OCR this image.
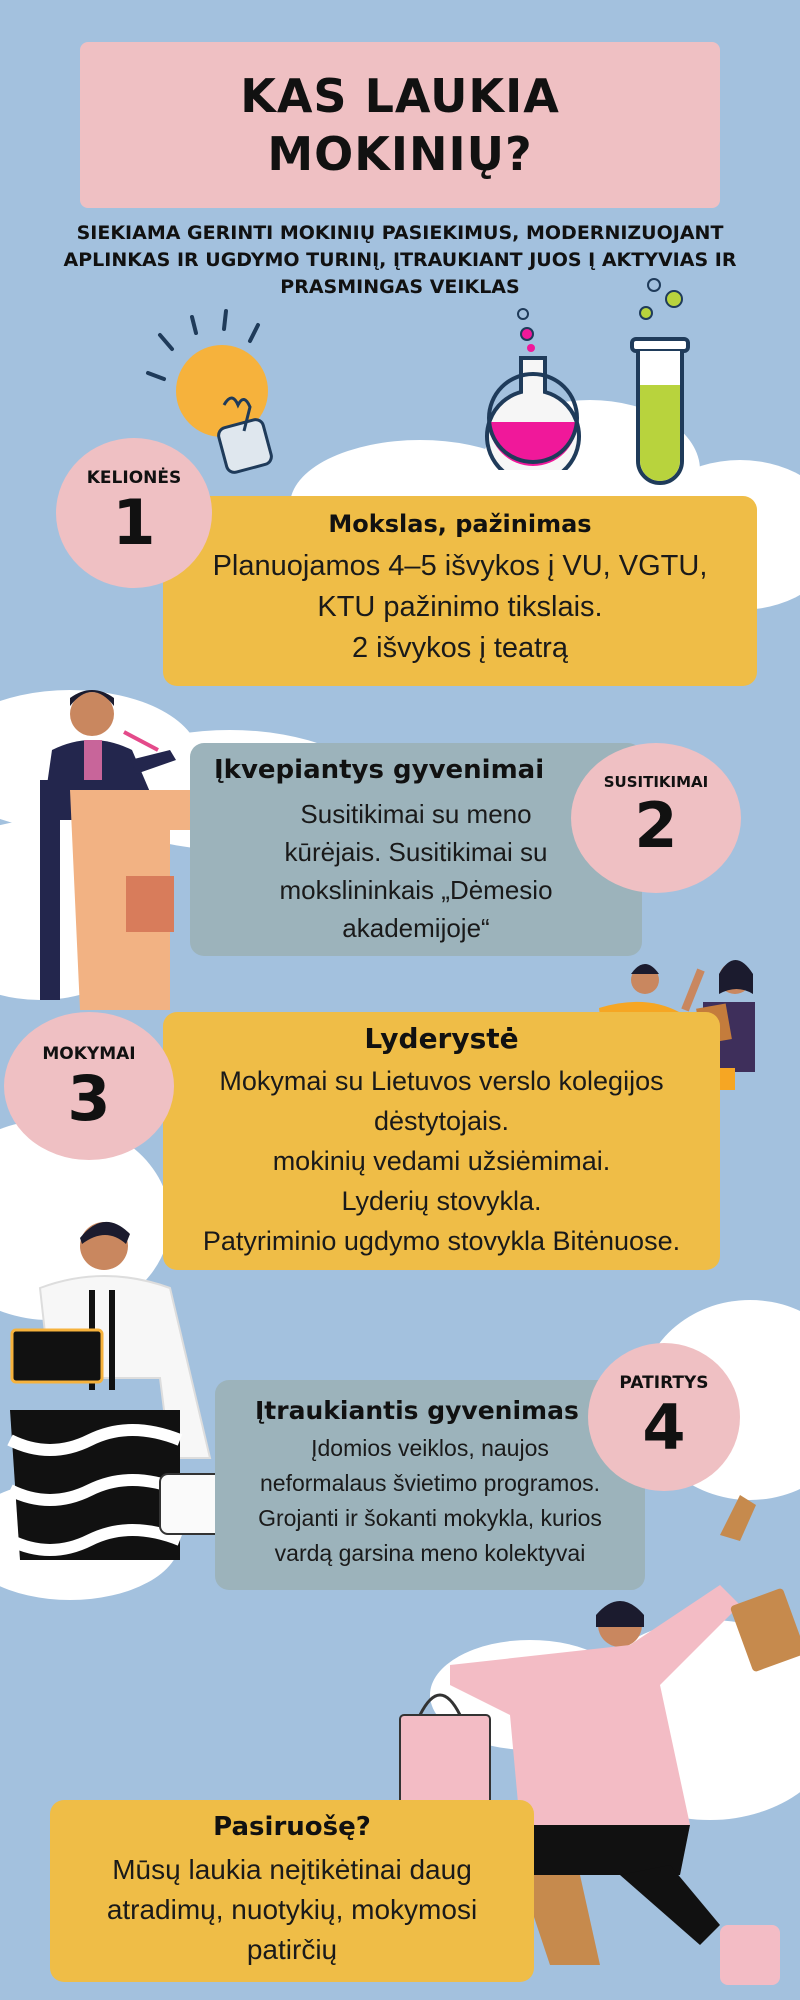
KAS LAUKIA
MOKINIŲ?
SIEKIAMA GERINTI MOKINIŲ PASIEKIMUS, MODERNIZUOJANT APLINKAS IR UGDYMO TURINĮ, ĮTRAUKIANT JUOS Į AKTYVIAS IR PRASMINGAS VEIKLAS
Mokslas, pažinimas
Planuojamos 4–5 išvykos į VU, VGTU,
KTU pažinimo tikslais.
2 išvykos į teatrą
KELIONĖS
1
Įkvepiantys gyvenimai
Susitikimai su meno
kūrėjais. Susitikimai su
mokslininkais „Dėmesio
akademijoje“
SUSITIKIMAI
2
Lyderystė
Mokymai su Lietuvos verslo kolegijos
dėstytojais.
mokinių vedami užsiėmimai.
Lyderių stovykla.
Patyriminio ugdymo stovykla Bitėnuose.
MOKYMAI
3
Įtraukiantis gyvenimas
Įdomios veiklos, naujos
neformalaus švietimo programos.
Grojanti ir šokanti mokykla, kurios
vardą garsina meno kolektyvai
PATIRTYS
4
Pasiruošę?
Mūsų laukia neįtikėtinai daug
atradimų, nuotykių, mokymosi
patirčių
